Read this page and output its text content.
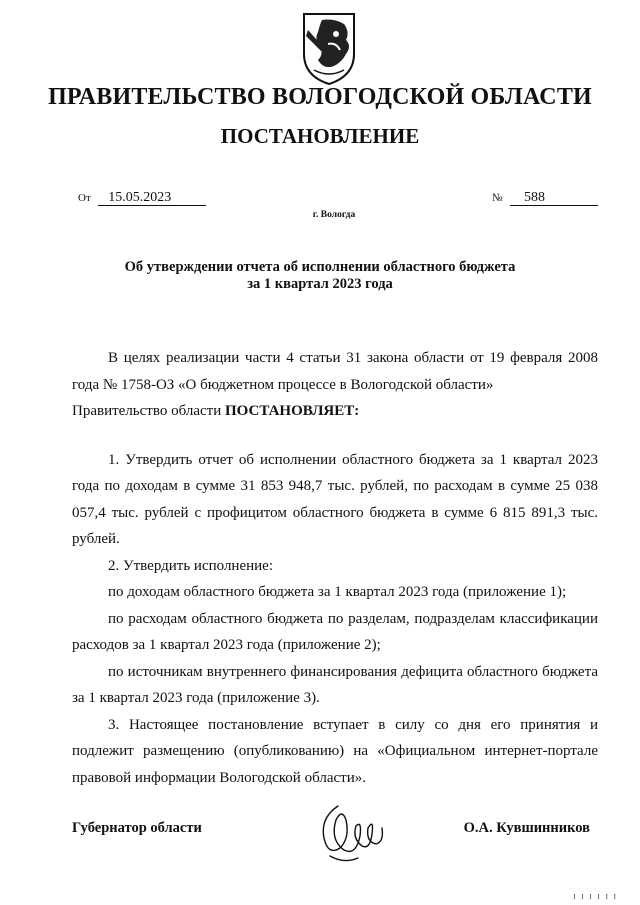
ПРАВИТЕЛЬСТВО ВОЛОГОДСКОЙ ОБЛАСТИ
ПОСТАНОВЛЕНИЕ
От 15.05.2023	№ 588
г. Вологда
Об утверждении отчета об исполнении областного бюджета
за 1 квартал 2023 года

В целях реализации части 4 статьи 31 закона области от 19 февраля 2008 года № 1758-ОЗ «О бюджетном процессе в Вологодской области»

Правительство области ПОСТАНОВЛЯЕТ:

1. Утвердить отчет об исполнении областного бюджета за 1 квартал 2023 года по доходам в сумме 31 853 948,7 тыс. рублей, по расходам в сумме 25 038 057,4 тыс. рублей с профицитом областного бюджета в сумме 6 815 891,3 тыс. рублей.

2. Утвердить исполнение:

по доходам областного бюджета за 1 квартал 2023 года (приложение 1);

по расходам областного бюджета по разделам, подразделам классификации расходов за 1 квартал 2023 года (приложение 2);

по источникам внутреннего финансирования дефицита областного бюджета за 1 квартал 2023 года (приложение 3).

3. Настоящее постановление вступает в силу со дня его принятия и подлежит размещению (опубликованию) на «Официальном интернет-портале правовой информации Вологодской области».

Губернатор области	О.А. Кувшинников
I I I I I I
